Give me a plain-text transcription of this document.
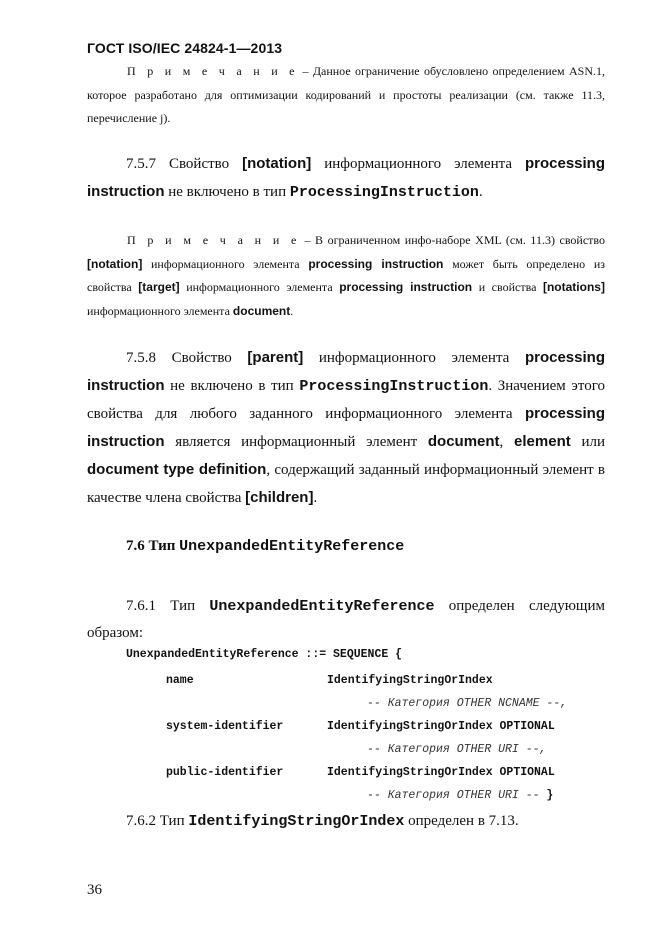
ГОСТ ISO/IEC 24824-1—2013
П р и м е ч а н и е – Данное ограничение обусловлено определением ASN.1, которое разработано для оптимизации кодирований и простоты реализации (см. также 11.3, перечисление j).
7.5.7 Свойство [notation] информационного элемента processing instruction не включено в тип ProcessingInstruction.
П р и м е ч а н и е – В ограниченном инфо-наборе XML (см. 11.3) свойство [notation] информационного элемента processing instruction может быть определено из свойства [target] информационного элемента processing instruction и свойства [notations] информационного элемента document.
7.5.8 Свойство [parent] информационного элемента processing instruction не включено в тип ProcessingInstruction. Значением этого свойства для любого заданного информационного элемента processing instruction является информационный элемент document, element или document type definition, содержащий заданный информационный элемент в качестве члена свойства [children].
7.6 Тип UnexpandedEntityReference
7.6.1 Тип UnexpandedEntityReference определен следующим образом:
UnexpandedEntityReference ::= SEQUENCE {
name	IdentifyingStringOrIndex
-- Категория OTHER NCNAME --,
system-identifier	IdentifyingStringOrIndex OPTIONAL
-- Категория OTHER URI --,
public-identifier	IdentifyingStringOrIndex OPTIONAL
-- Категория OTHER URI -- }
7.6.2 Тип IdentifyingStringOrIndex определен в 7.13.
36
